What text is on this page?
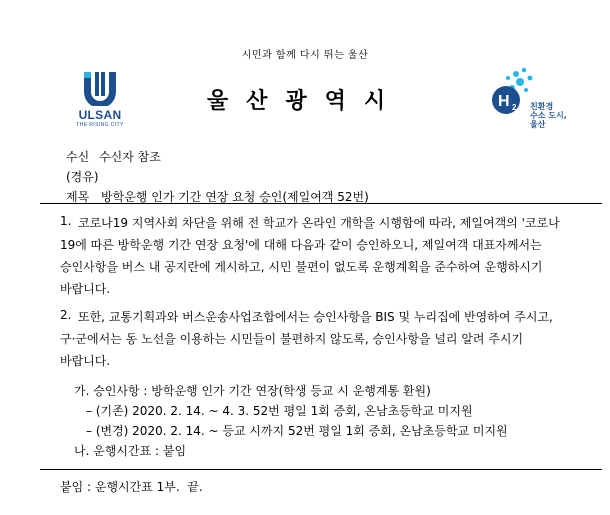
시민과 함께 다시 뛰는 울산
ULSAN
THE RISING CITY
울산광역시	H 2 친환경
수소 도시,
울산
수신 수신자 참조
(경유)
제목 방학운행 인가 기간 연장 요청 승인(제일여객 52번)
1. 코로나19 지역사회 차단을 위해 전 학교가 온라인 개학을 시행함에 따라, 제일여객의 '코로나
19에 따른 방학운행 기간 연장 요청'에 대해 다음과 같이 승인하오니, 제일여객 대표자께서는
승인사항을 버스 내 공지란에 게시하고, 시민 불편이 없도록 운행계획을 준수하여 운행하시기
바랍니다.
2. 또한, 교통기획과와 버스운송사업조합에서는 승인사항을 BIS 및 누리집에 반영하여 주시고,
구·군에서는 동 노선을 이용하는 시민들이 불편하지 않도록, 승인사항을 널리 알려 주시기
바랍니다.
가. 승인사항 : 방학운행 인가 기간 연장(학생 등교 시 운행계통 환원)
– (기존) 2020. 2. 14. ~ 4. 3. 52번 평일 1회 증회, 온남초등학교 미지원
– (변경) 2020. 2. 14. ~ 등교 시까지 52번 평일 1회 증회, 온남초등학교 미지원
나. 운행시간표 : 붙임
붙임 : 운행시간표 1부.  끝.
